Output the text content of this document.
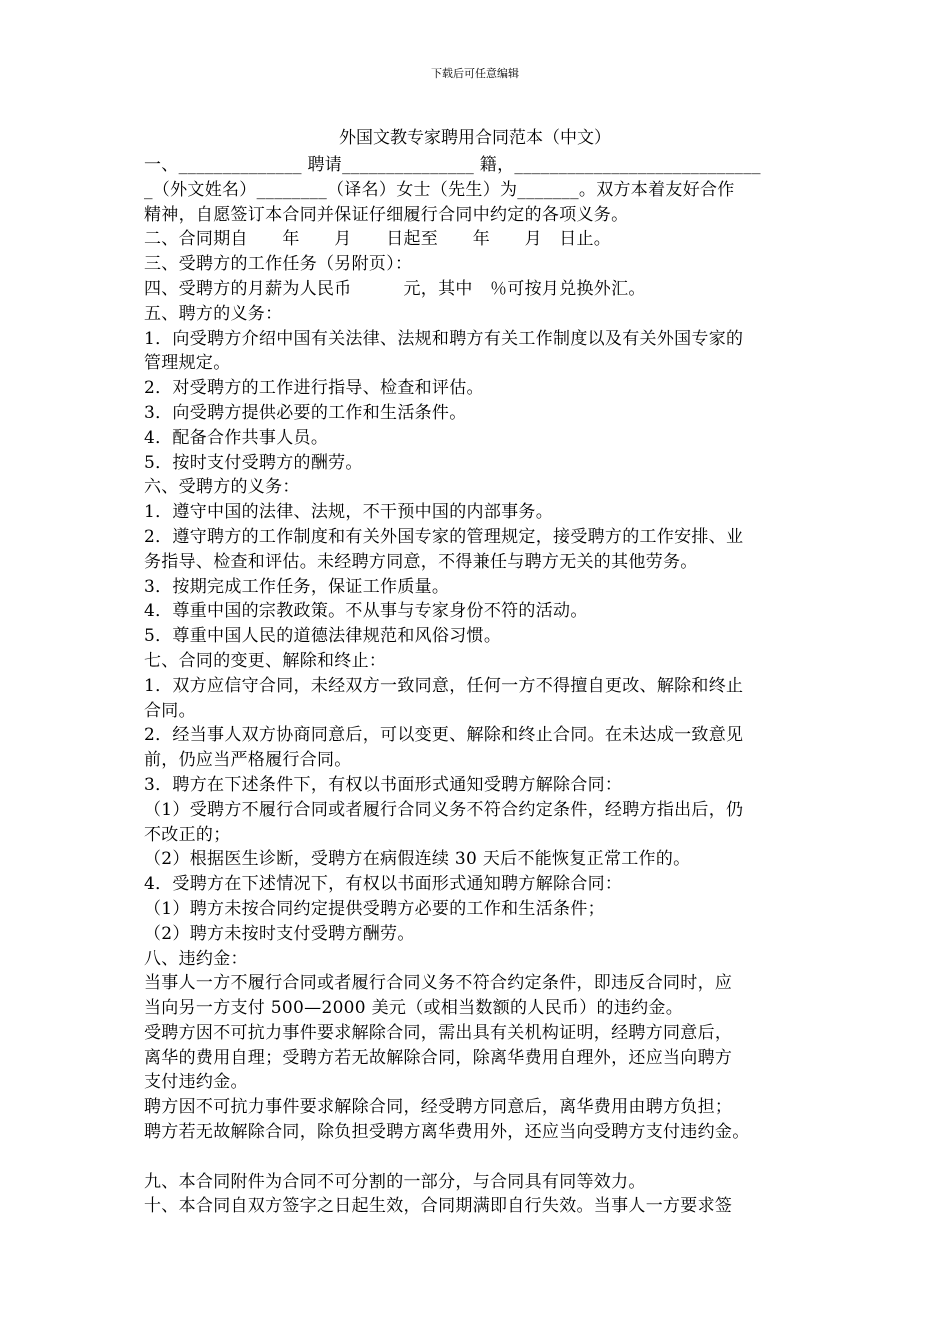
下载后可任意编辑
外国文教专家聘用合同范本（中文）
一、______________ 聘请_______________ 籍，____________________________
_（外文姓名）________（译名）女士（先生）为_______。双方本着友好合作
精神，自愿签订本合同并保证仔细履行合同中约定的各项义务。
二、合同期自　　年　　月　　日起至　　年　　月　日止。
三、受聘方的工作任务（另附页）：
四、受聘方的月薪为人民币　　　元，其中　％可按月兑换外汇。
五、聘方的义务：
1．向受聘方介绍中国有关法律、法规和聘方有关工作制度以及有关外国专家的
管理规定。
2．对受聘方的工作进行指导、检查和评估。
3．向受聘方提供必要的工作和生活条件。
4．配备合作共事人员。
5．按时支付受聘方的酬劳。
六、受聘方的义务：
1．遵守中国的法律、法规，不干预中国的内部事务。
2．遵守聘方的工作制度和有关外国专家的管理规定，接受聘方的工作安排、业
务指导、检查和评估。未经聘方同意，不得兼任与聘方无关的其他劳务。
3．按期完成工作任务，保证工作质量。
4．尊重中国的宗教政策。不从事与专家身份不符的活动。
5．尊重中国人民的道德法律规范和风俗习惯。
七、合同的变更、解除和终止：
1．双方应信守合同，未经双方一致同意，任何一方不得擅自更改、解除和终止
合同。
2．经当事人双方协商同意后，可以变更、解除和终止合同。在未达成一致意见
前，仍应当严格履行合同。
3．聘方在下述条件下，有权以书面形式通知受聘方解除合同：
（1）受聘方不履行合同或者履行合同义务不符合约定条件，经聘方指出后，仍
不改正的；
（2）根据医生诊断，受聘方在病假连续 30 天后不能恢复正常工作的。
4．受聘方在下述情况下，有权以书面形式通知聘方解除合同：
（1）聘方未按合同约定提供受聘方必要的工作和生活条件；
（2）聘方未按时支付受聘方酬劳。
八、违约金：
当事人一方不履行合同或者履行合同义务不符合约定条件，即违反合同时，应
当向另一方支付 500—2000 美元（或相当数额的人民币）的违约金。
受聘方因不可抗力事件要求解除合同，需出具有关机构证明，经聘方同意后，
离华的费用自理；受聘方若无故解除合同，除离华费用自理外，还应当向聘方
支付违约金。
聘方因不可抗力事件要求解除合同，经受聘方同意后，离华费用由聘方负担；
聘方若无故解除合同，除负担受聘方离华费用外，还应当向受聘方支付违约金。
九、本合同附件为合同不可分割的一部分，与合同具有同等效力。
十、本合同自双方签字之日起生效，合同期满即自行失效。当事人一方要求签
